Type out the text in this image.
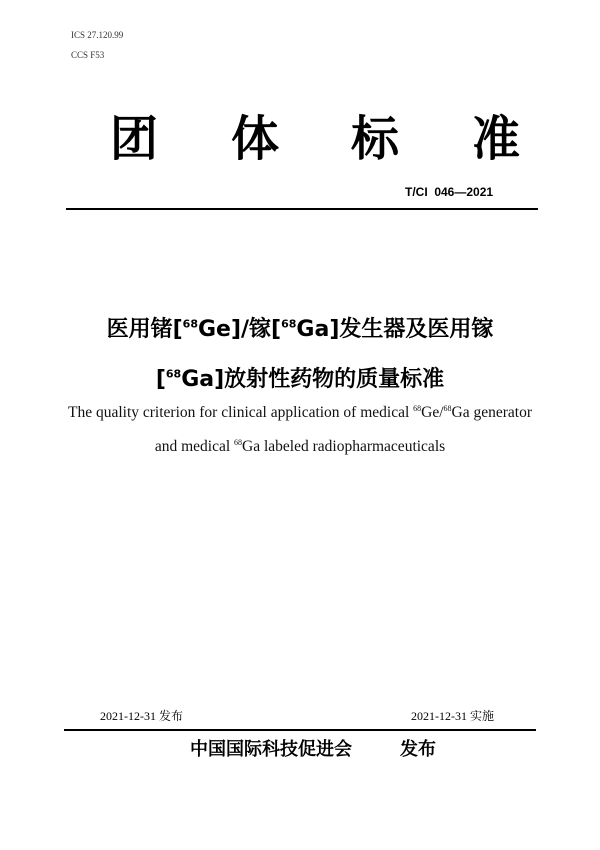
ICS 27.120.99
CCS F53
团 体 标 准
T/CI  046—2021
医用锗[$^{68}$Ge]/镓[$^{68}$Ga]发生器及医用镓
[$^{68}$Ga]放射性药物的质量标准
The quality criterion for clinical application of medical $^{68}$Ge/$^{68}$Ga generator
and medical $^{68}$Ga labeled radiopharmaceuticals
2021-12-31 发布	2021-12-31 实施
中国国际科技促进会	发布
